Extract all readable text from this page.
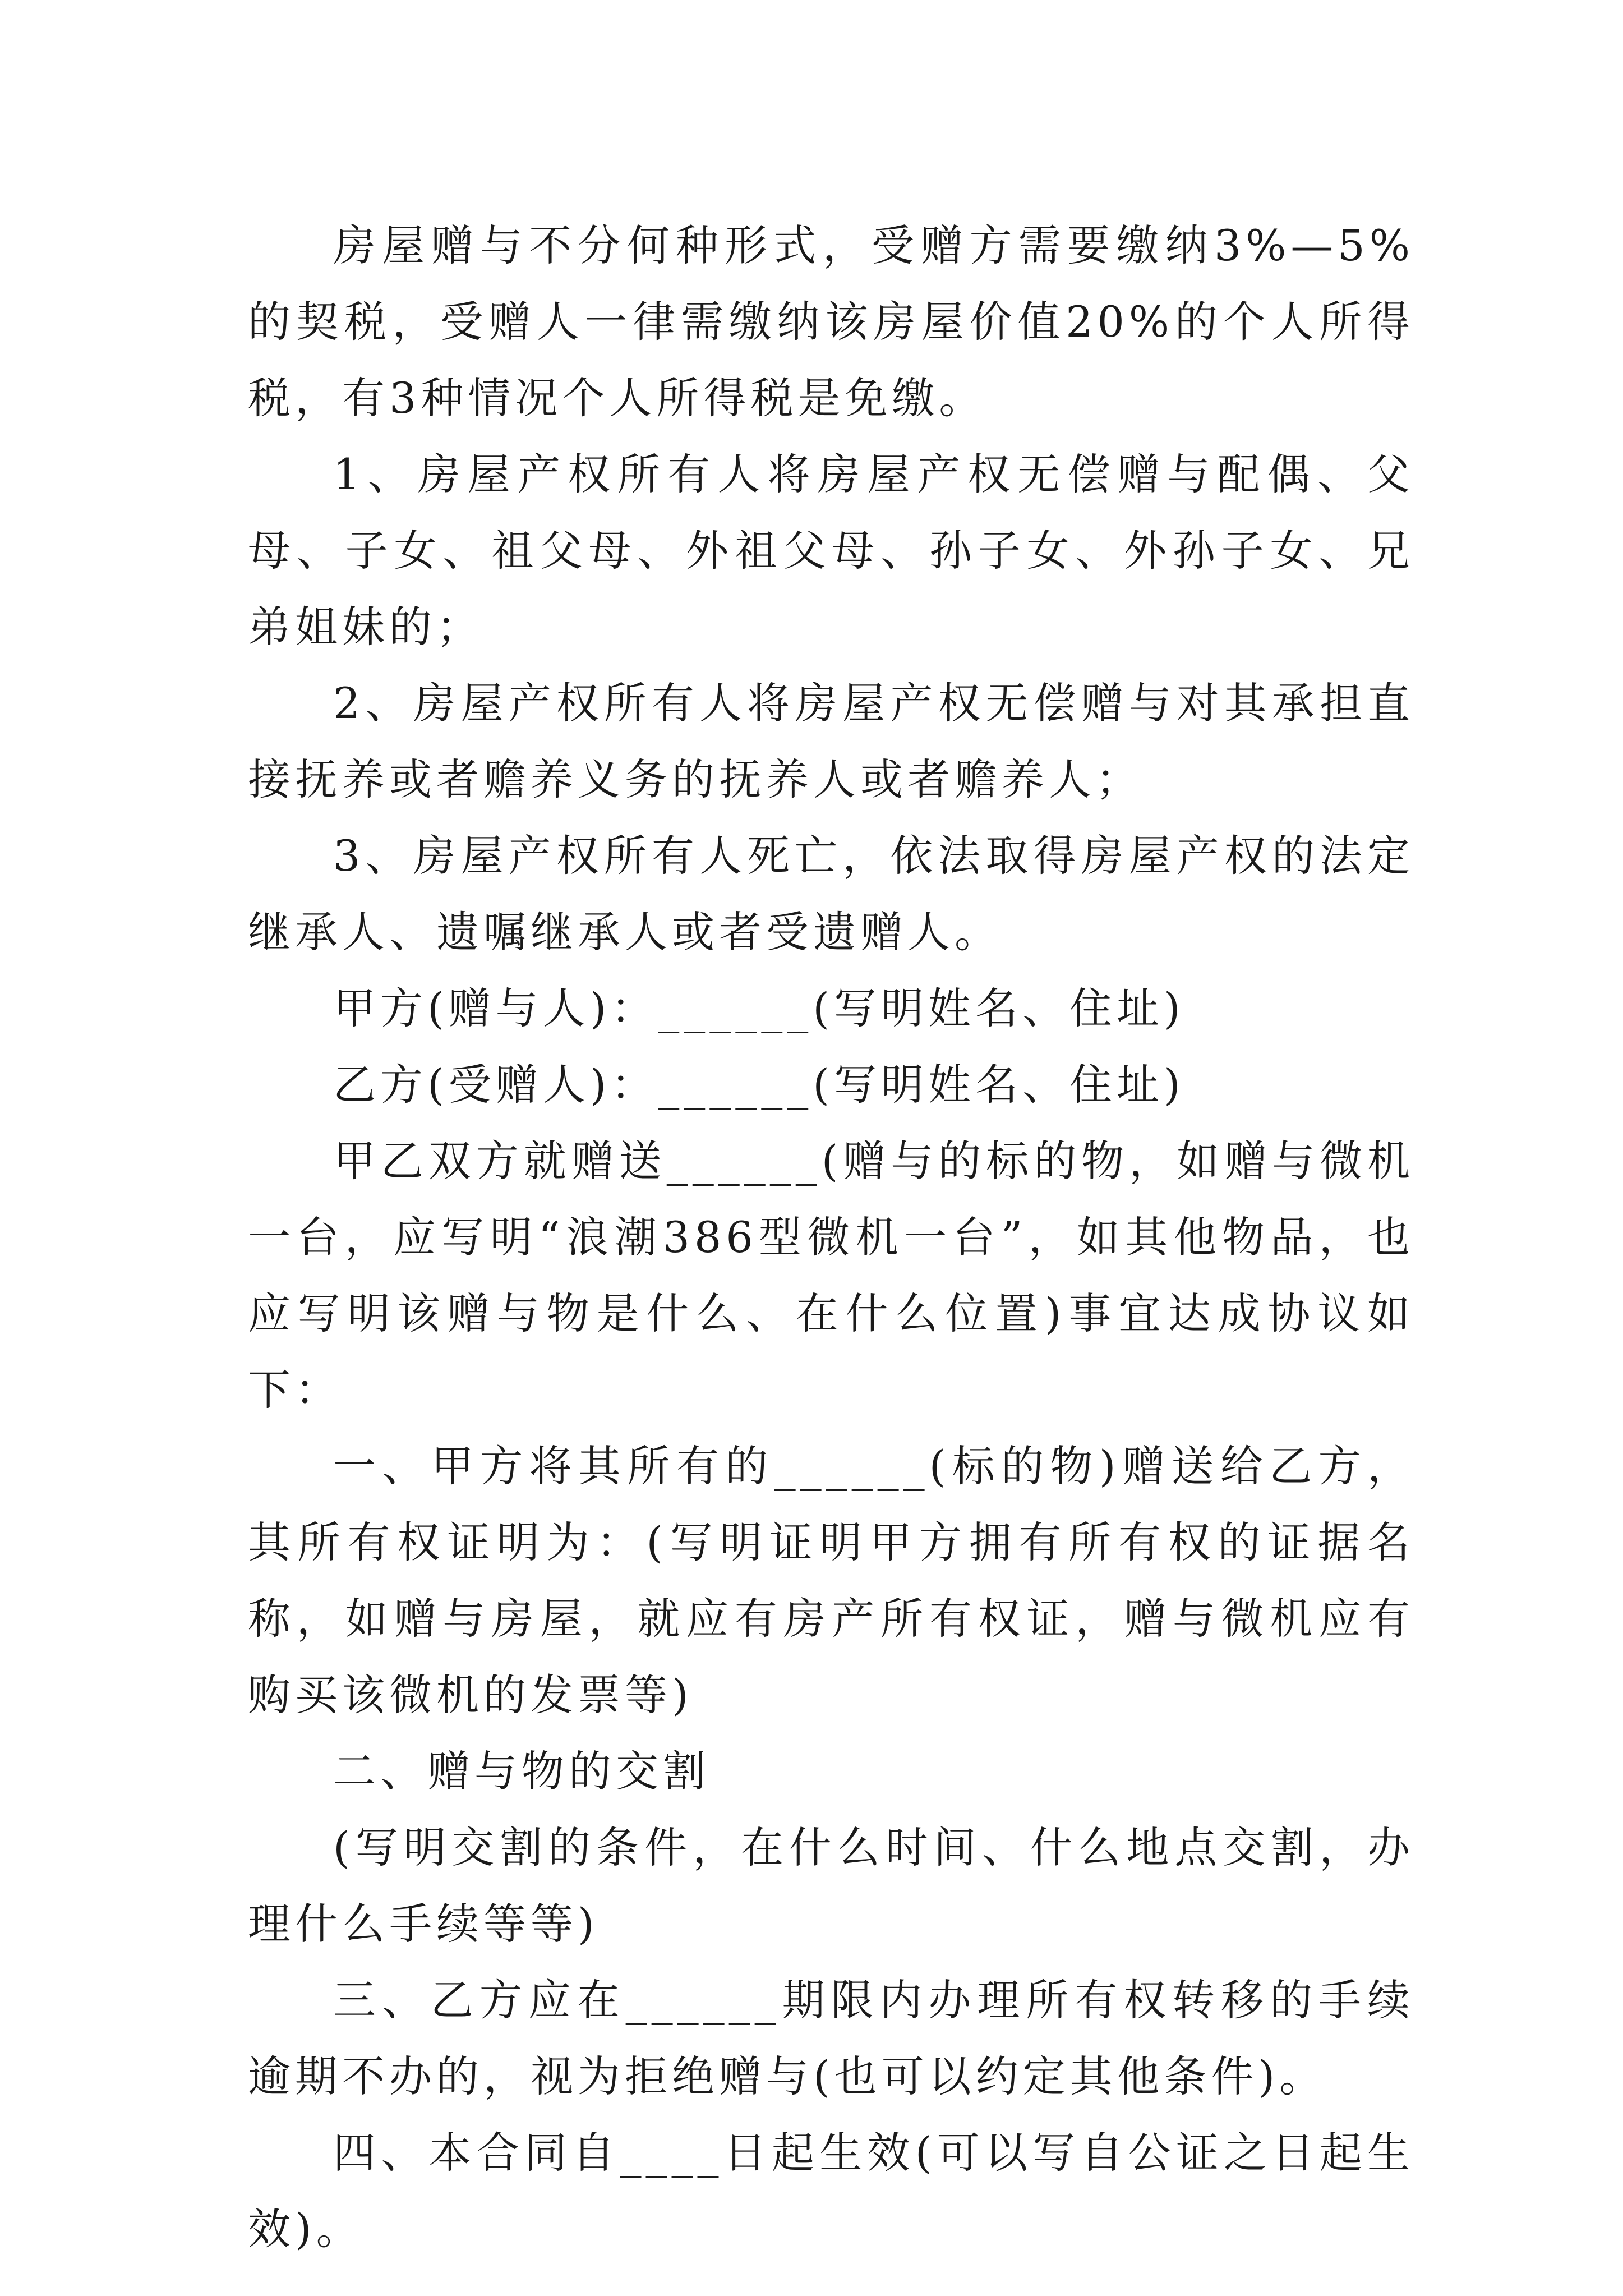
房屋赠与不分何种形式，受赠方需要缴纳3%—5%的契税，受赠人一律需缴纳该房屋价值20%的个人所得税，有3种情况个人所得税是免缴。

1、房屋产权所有人将房屋产权无偿赠与配偶、父母、子女、祖父母、外祖父母、孙子女、外孙子女、兄弟姐妹的；

2、房屋产权所有人将房屋产权无偿赠与对其承担直接抚养或者赡养义务的抚养人或者赡养人；

3、房屋产权所有人死亡，依法取得房屋产权的法定继承人、遗嘱继承人或者受遗赠人。

甲方(赠与人)：______(写明姓名、住址)

乙方(受赠人)：______(写明姓名、住址)

甲乙双方就赠送______(赠与的标的物，如赠与微机一台，应写明“浪潮386型微机一台”，如其他物品，也应写明该赠与物是什么、在什么位置)事宜达成协议如下：

一、甲方将其所有的______(标的物)赠送给乙方，其所有权证明为：(写明证明甲方拥有所有权的证据名称，如赠与房屋，就应有房产所有权证，赠与微机应有购买该微机的发票等)

二、赠与物的交割

(写明交割的条件，在什么时间、什么地点交割，办理什么手续等等)

三、乙方应在______期限内办理所有权转移的手续逾期不办的，视为拒绝赠与(也可以约定其他条件)。

四、本合同自____日起生效(可以写自公证之日起生效)。
